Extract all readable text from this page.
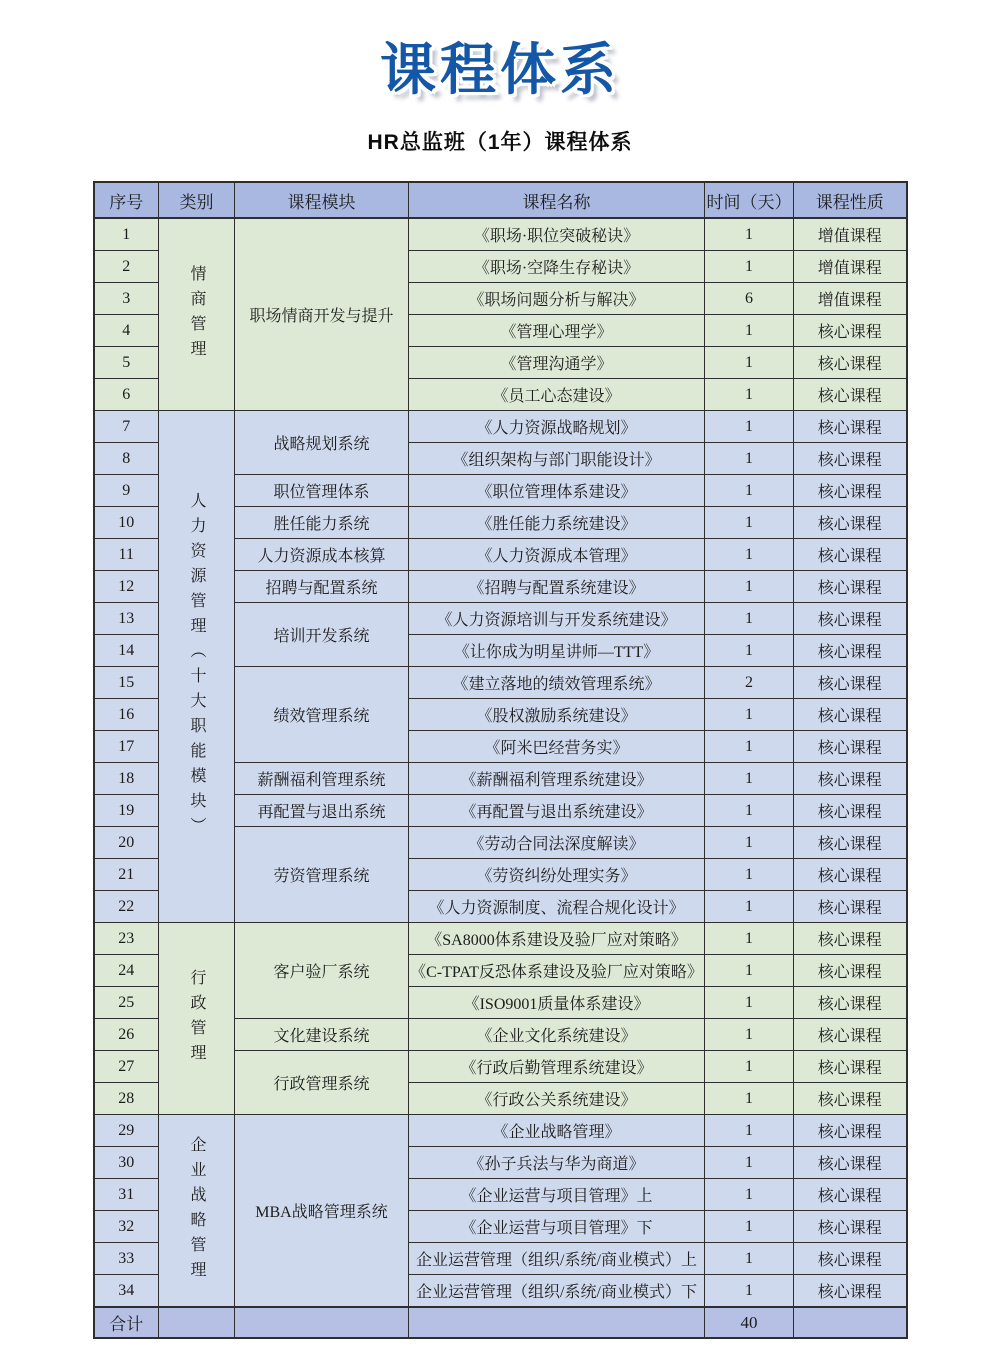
课程体系
HR总监班（1年）课程体系
序号	类别	课程模块	课程名称	时间（天）	课程性质
1	情商管理	职场情商开发与提升	《职场·职位突破秘诀》	1	增值课程
2			《职场·空降生存秘诀》	1	增值课程
3			《职场问题分析与解决》	6	增值课程
4			《管理心理学》	1	核心课程
5			《管理沟通学》	1	核心课程
6			《员工心态建设》	1	核心课程
7	人力资源管理（十大职能模块）	战略规划系统	《人力资源战略规划》	1	核心课程
8			《组织架构与部门职能设计》	1	核心课程
9		职位管理体系	《职位管理体系建设》	1	核心课程
10		胜任能力系统	《胜任能力系统建设》	1	核心课程
11		人力资源成本核算	《人力资源成本管理》	1	核心课程
12		招聘与配置系统	《招聘与配置系统建设》	1	核心课程
13		培训开发系统	《人力资源培训与开发系统建设》	1	核心课程
14			《让你成为明星讲师—TTT》	1	核心课程
15		绩效管理系统	《建立落地的绩效管理系统》	2	核心课程
16			《股权激励系统建设》	1	核心课程
17			《阿米巴经营务实》	1	核心课程
18		薪酬福利管理系统	《薪酬福利管理系统建设》	1	核心课程
19		再配置与退出系统	《再配置与退出系统建设》	1	核心课程
20		劳资管理系统	《劳动合同法深度解读》	1	核心课程
21			《劳资纠纷处理实务》	1	核心课程
22			《人力资源制度、流程合规化设计》	1	核心课程
23	行政管理	客户验厂系统	《SA8000体系建设及验厂应对策略》	1	核心课程
24			《C-TPAT反恐体系建设及验厂应对策略》	1	核心课程
25			《ISO9001质量体系建设》	1	核心课程
26		文化建设系统	《企业文化系统建设》	1	核心课程
27		行政管理系统	《行政后勤管理系统建设》	1	核心课程
28			《行政公关系统建设》	1	核心课程
29	企业战略管理	MBA战略管理系统	《企业战略管理》	1	核心课程
30			《孙子兵法与华为商道》	1	核心课程
31			《企业运营与项目管理》上	1	核心课程
32			《企业运营与项目管理》下	1	核心课程
33			企业运营管理（组织/系统/商业模式）上	1	核心课程
34			企业运营管理（组织/系统/商业模式）下	1	核心课程
合计				40	
